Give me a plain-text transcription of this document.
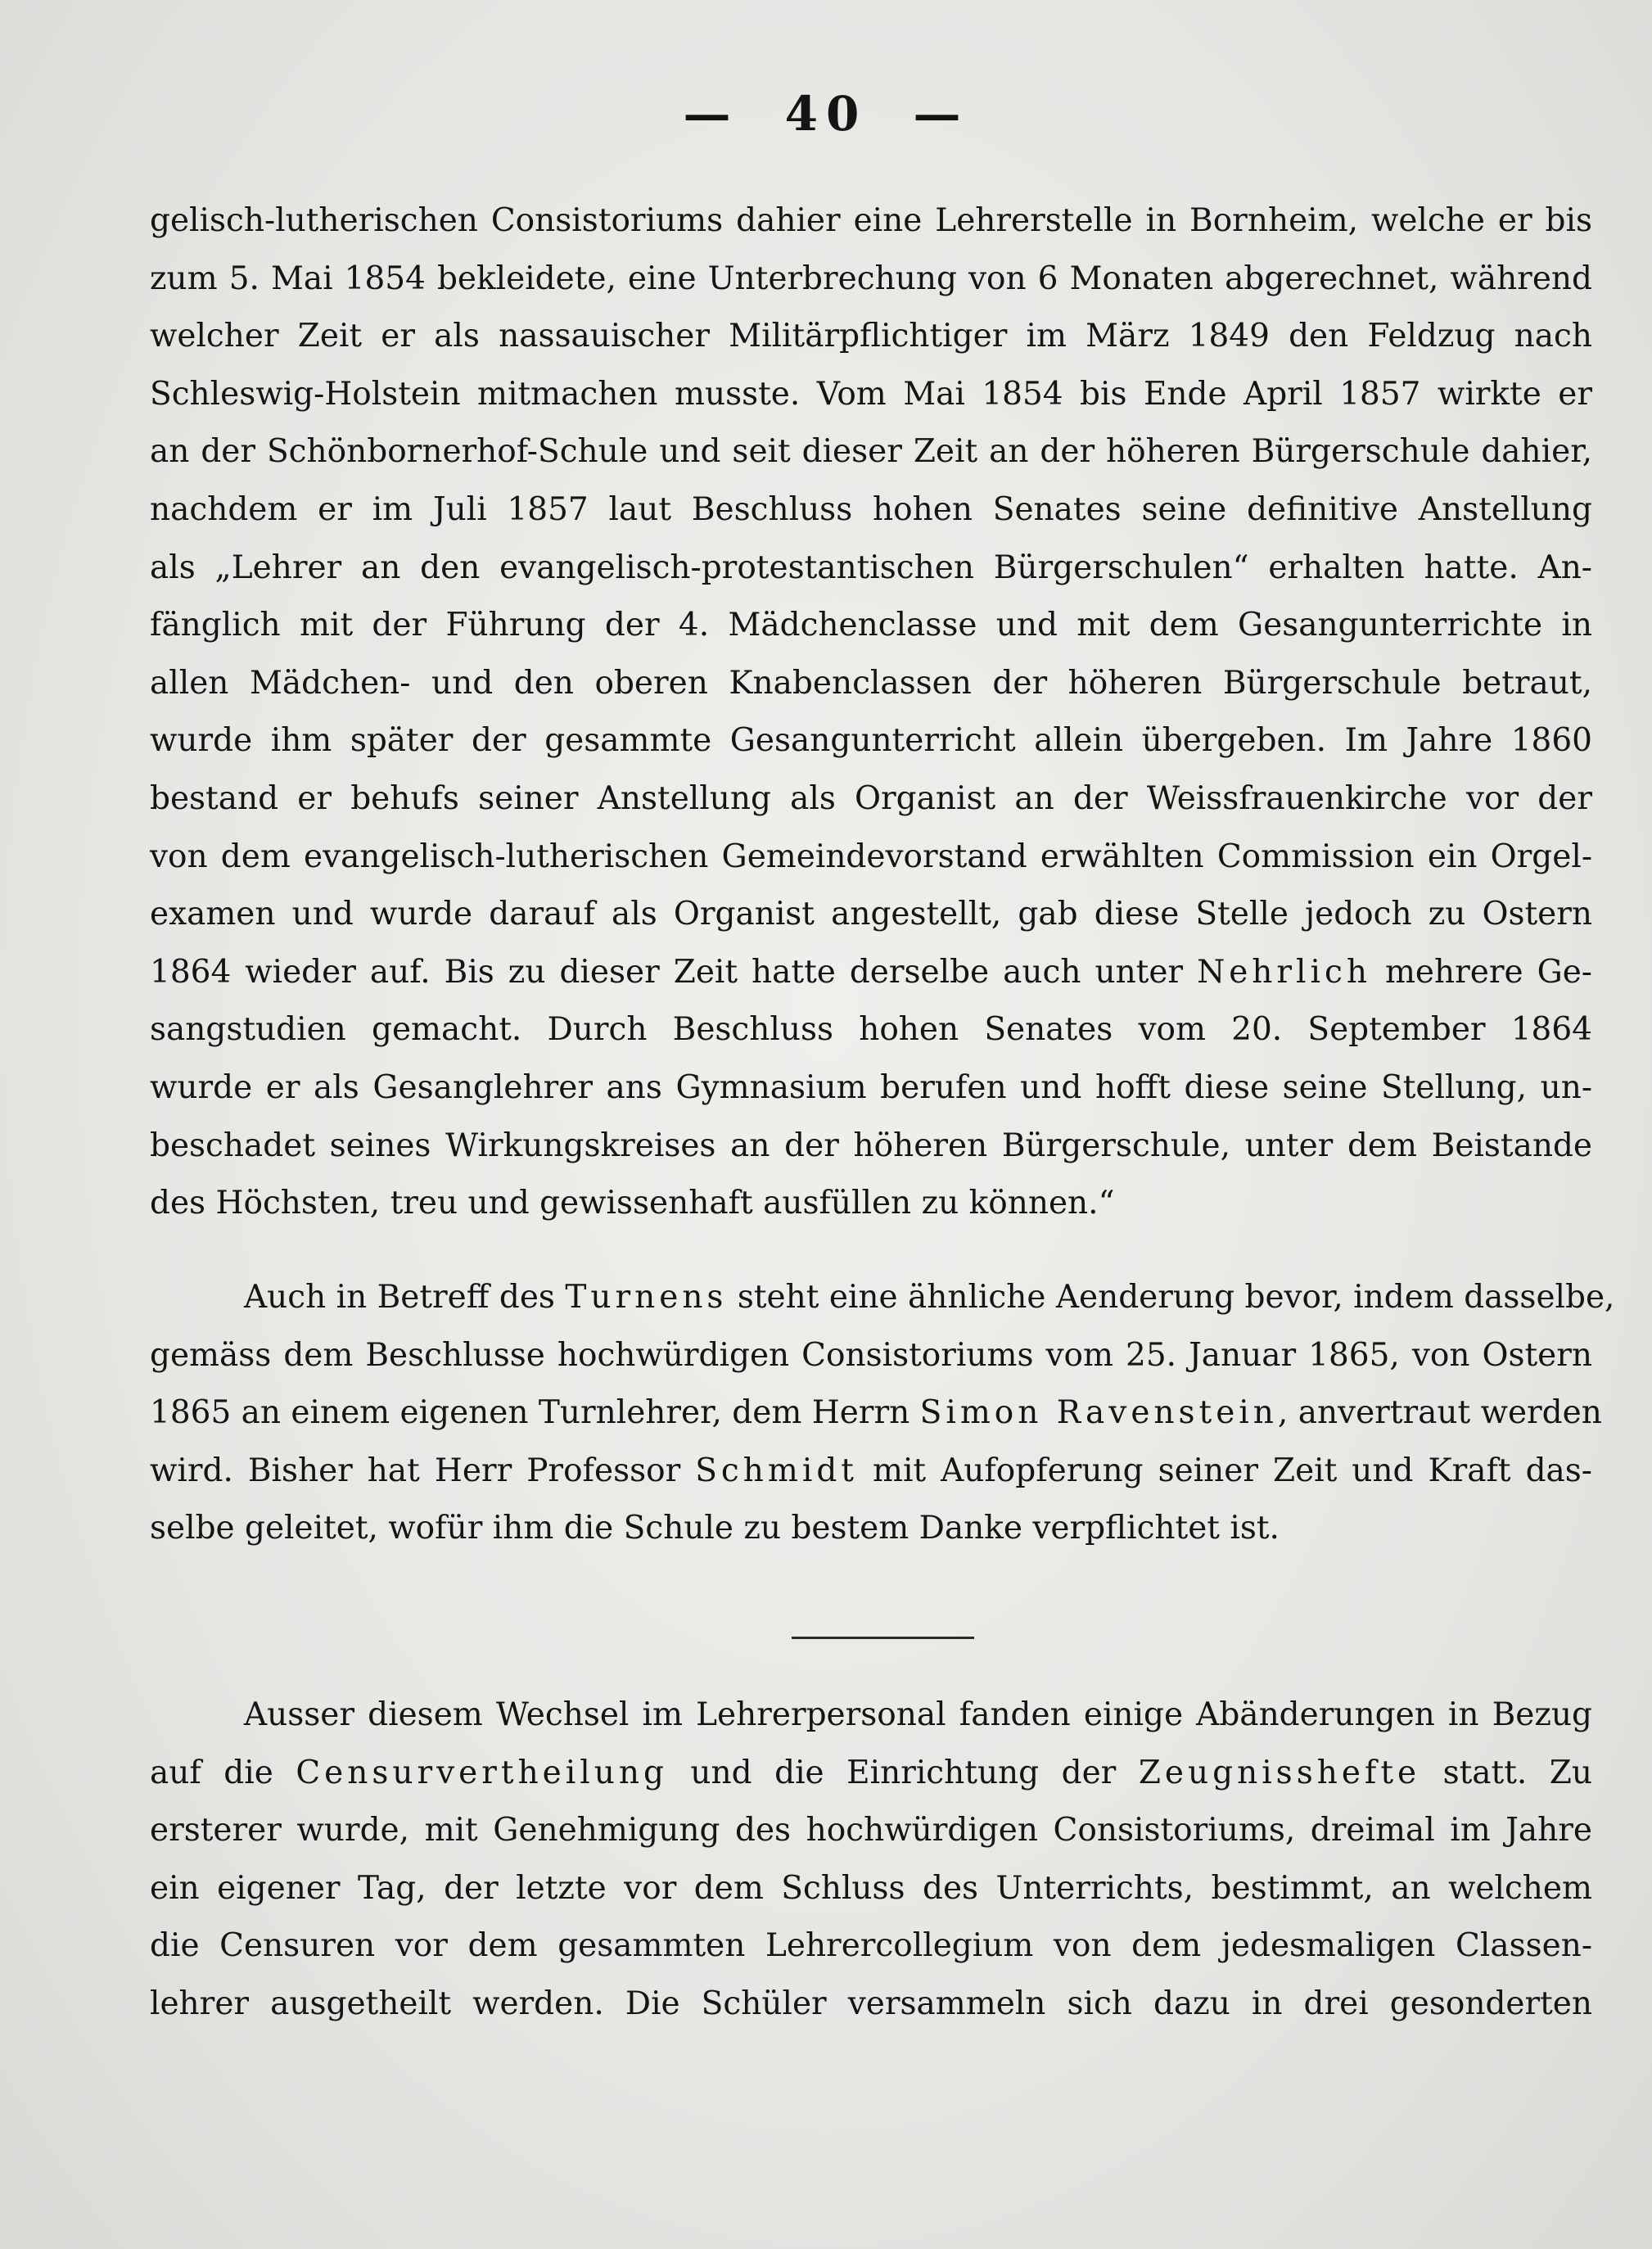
— 40 —
gelisch-lutherischen Consistoriums dahier eine Lehrerstelle in Bornheim, welche er bis
zum 5. Mai 1854 bekleidete, eine Unterbrechung von 6 Monaten abgerechnet, während
welcher Zeit er als nassauischer Militärpflichtiger im März 1849 den Feldzug nach
Schleswig-Holstein mitmachen musste. Vom Mai 1854 bis Ende April 1857 wirkte er
an der Schönbornerhof-Schule und seit dieser Zeit an der höheren Bürgerschule dahier,
nachdem er im Juli 1857 laut Beschluss hohen Senates seine definitive Anstellung
als „Lehrer an den evangelisch-protestantischen Bürgerschulen“ erhalten hatte. An-
fänglich mit der Führung der 4. Mädchenclasse und mit dem Gesangunterrichte in
allen Mädchen- und den oberen Knabenclassen der höheren Bürgerschule betraut,
wurde ihm später der gesammte Gesangunterricht allein übergeben. Im Jahre 1860
bestand er behufs seiner Anstellung als Organist an der Weissfrauenkirche vor der
von dem evangelisch-lutherischen Gemeindevorstand erwählten Commission ein Orgel-
examen und wurde darauf als Organist angestellt, gab diese Stelle jedoch zu Ostern
1864 wieder auf. Bis zu dieser Zeit hatte derselbe auch unter Nehrlich mehrere Ge-
sangstudien gemacht. Durch Beschluss hohen Senates vom 20. September 1864
wurde er als Gesanglehrer ans Gymnasium berufen und hofft diese seine Stellung, un-
beschadet seines Wirkungskreises an der höheren Bürgerschule, unter dem Beistande
des Höchsten, treu und gewissenhaft ausfüllen zu können.“
Auch in Betreff des Turnens steht eine ähnliche Aenderung bevor, indem dasselbe,
gemäss dem Beschlusse hochwürdigen Consistoriums vom 25. Januar 1865, von Ostern
1865 an einem eigenen Turnlehrer, dem Herrn Simon Ravenstein, anvertraut werden
wird. Bisher hat Herr Professor Schmidt mit Aufopferung seiner Zeit und Kraft das-
selbe geleitet, wofür ihm die Schule zu bestem Danke verpflichtet ist.
Ausser diesem Wechsel im Lehrerpersonal fanden einige Abänderungen in Bezug
auf die Censurvertheilung und die Einrichtung der Zeugnisshefte statt. Zu
ersterer wurde, mit Genehmigung des hochwürdigen Consistoriums, dreimal im Jahre
ein eigener Tag, der letzte vor dem Schluss des Unterrichts, bestimmt, an welchem
die Censuren vor dem gesammten Lehrercollegium von dem jedesmaligen Classen-
lehrer ausgetheilt werden. Die Schüler versammeln sich dazu in drei gesonderten
